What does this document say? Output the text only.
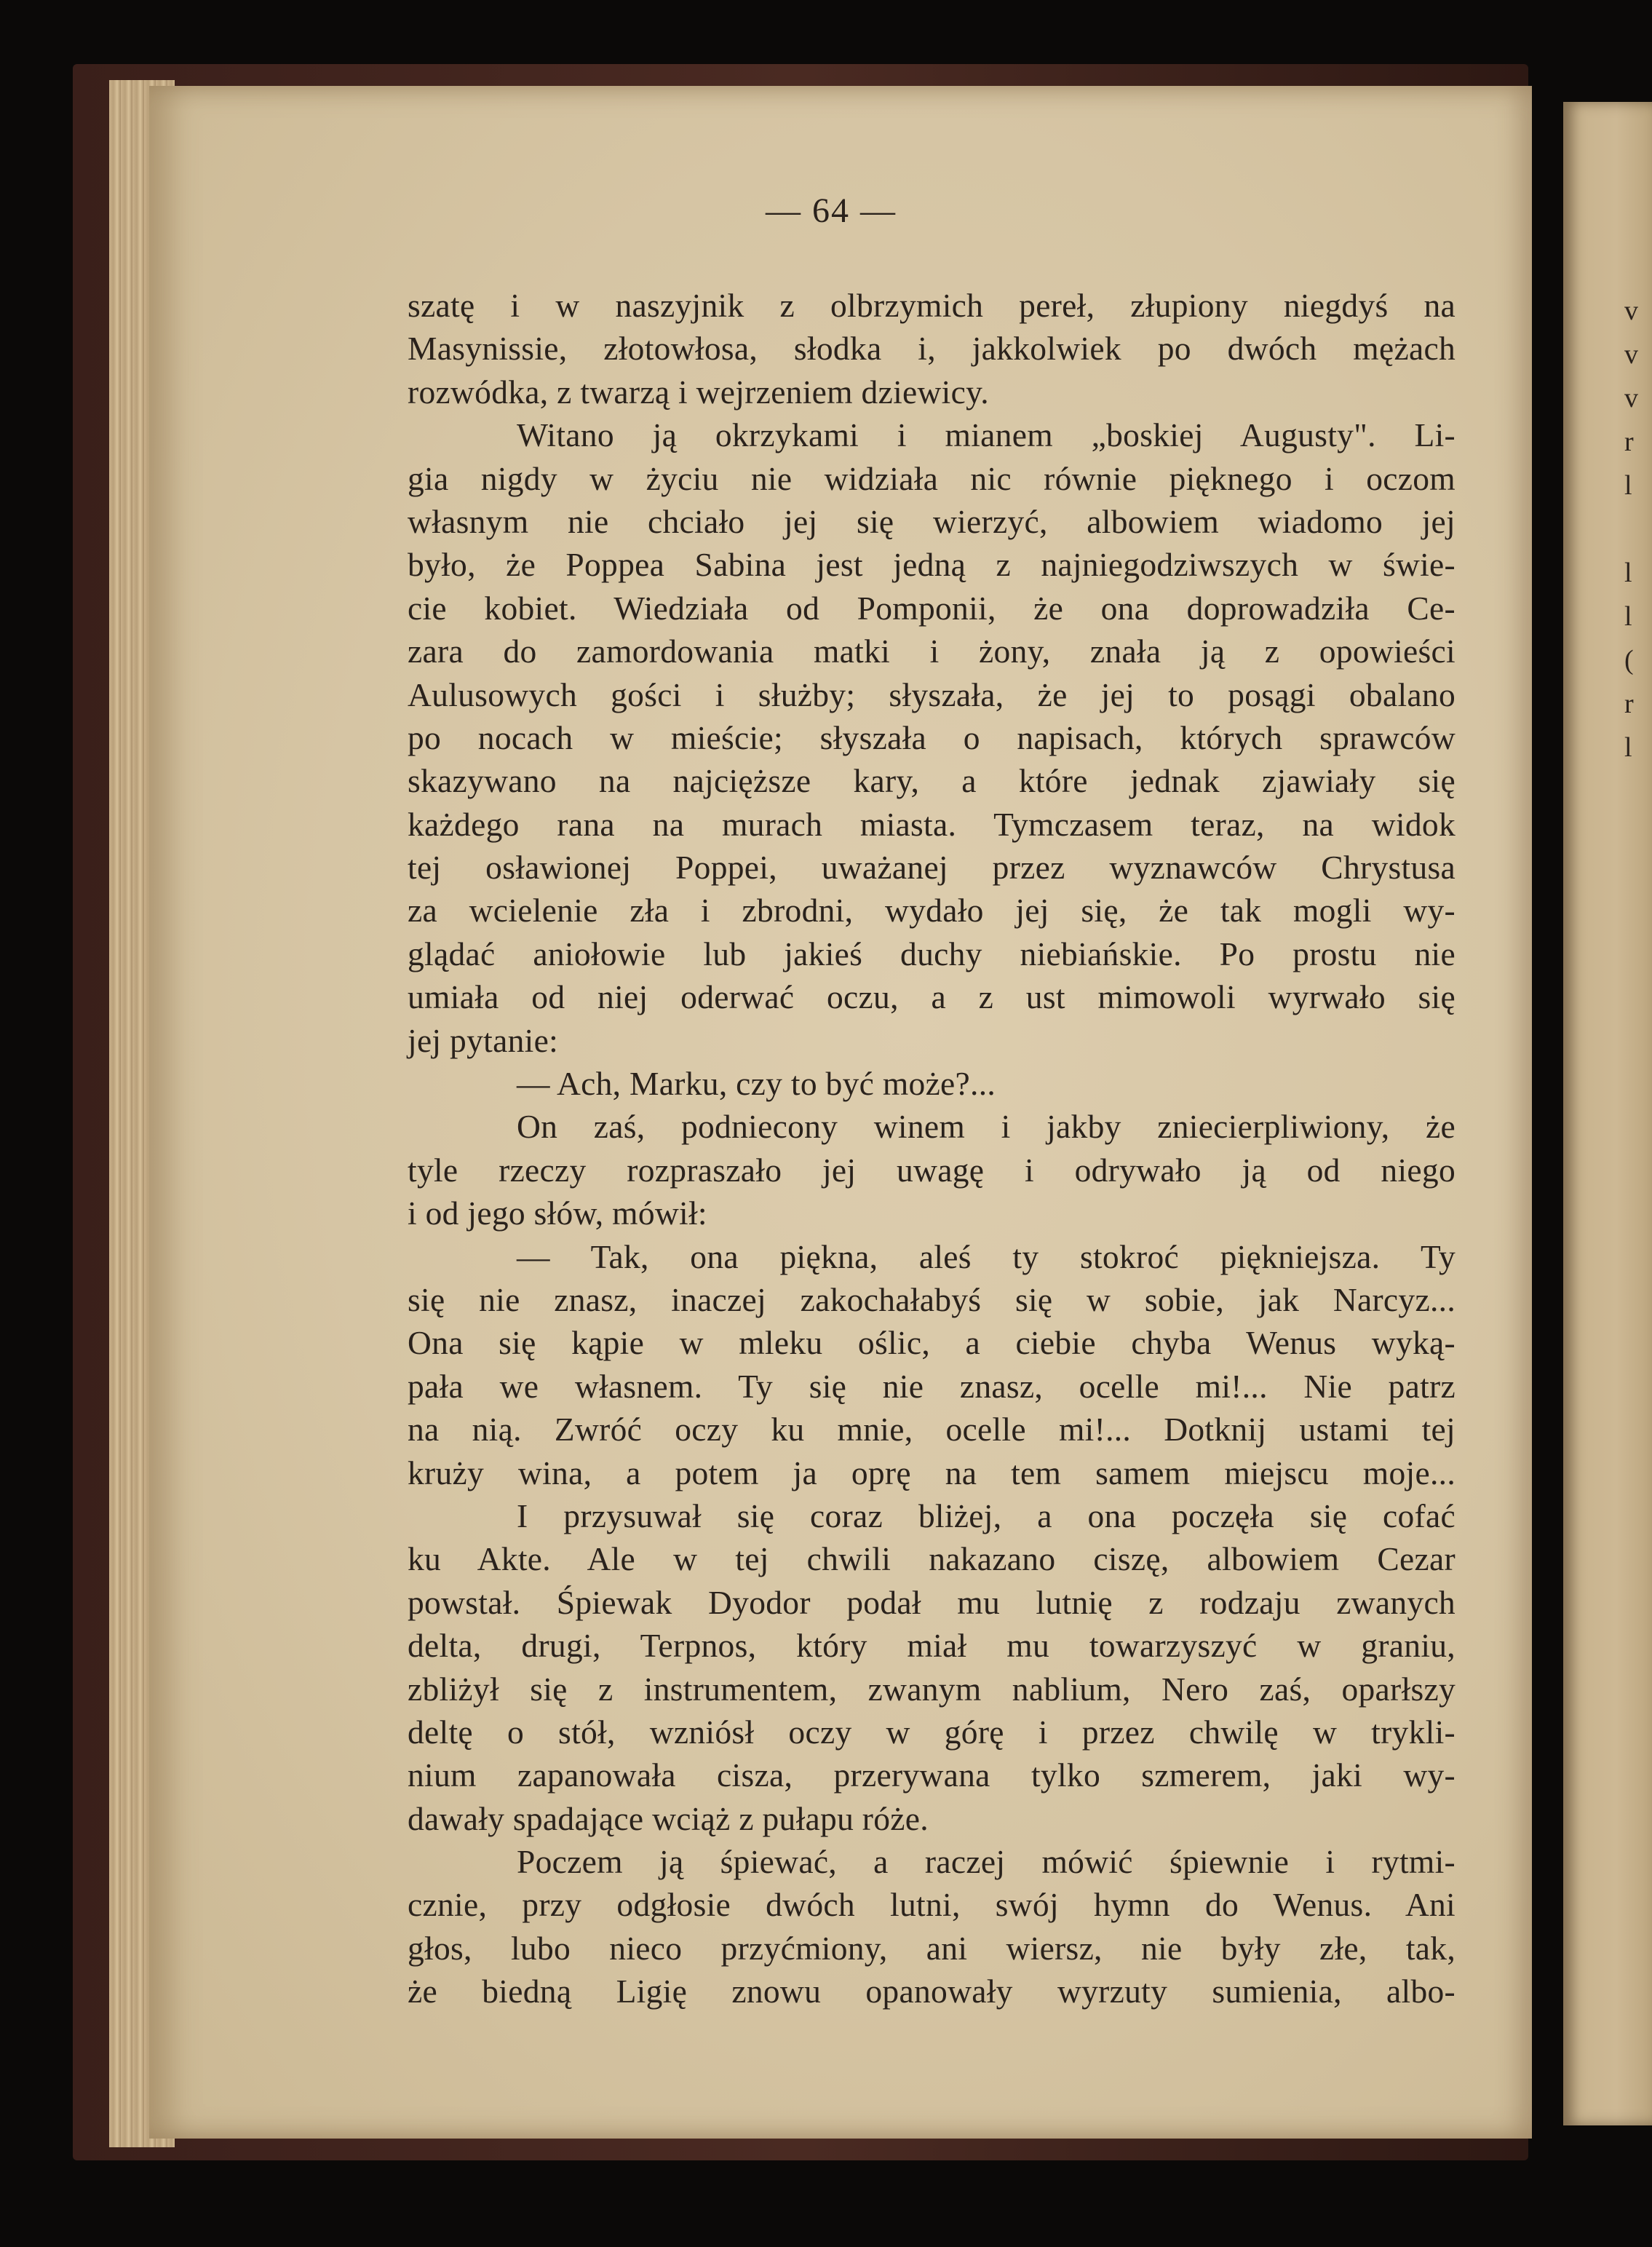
v
v
v
r
l
l
l
(
r
l
— 64 —
szatę i w naszyjnik z olbrzymich pereł, złupiony niegdyś na
Masynissie, złotowłosa, słodka i, jakkolwiek po dwóch mężach
rozwódka, z twarzą i wejrzeniem dziewicy.
Witano ją okrzykami i mianem „boskiej Augusty". Li-
gia nigdy w życiu nie widziała nic równie pięknego i oczom
własnym nie chciało jej się wierzyć, albowiem wiadomo jej
było, że Poppea Sabina jest jedną z najniegodziwszych w świe-
cie kobiet. Wiedziała od Pomponii, że ona doprowadziła Ce-
zara do zamordowania matki i żony, znała ją z opowieści
Aulusowych gości i służby; słyszała, że jej to posągi obalano
po nocach w mieście; słyszała o napisach, których sprawców
skazywano na najcięższe kary, a które jednak zjawiały się
każdego rana na murach miasta. Tymczasem teraz, na widok
tej osławionej Poppei, uważanej przez wyznawców Chrystusa
za wcielenie zła i zbrodni, wydało jej się, że tak mogli wy-
glądać aniołowie lub jakieś duchy niebiańskie. Po prostu nie
umiała od niej oderwać oczu, a z ust mimowoli wyrwało się
jej pytanie:
— Ach, Marku, czy to być może?...
On zaś, podniecony winem i jakby zniecierpliwiony, że
tyle rzeczy rozpraszało jej uwagę i odrywało ją od niego
i od jego słów, mówił:
— Tak, ona piękna, aleś ty stokroć piękniejsza. Ty
się nie znasz, inaczej zakochałabyś się w sobie, jak Narcyz...
Ona się kąpie w mleku oślic, a ciebie chyba Wenus wyką-
pała we własnem. Ty się nie znasz, ocelle mi!... Nie patrz
na nią. Zwróć oczy ku mnie, ocelle mi!... Dotknij ustami tej
kruży wina, a potem ja oprę na tem samem miejscu moje...
I przysuwał się coraz bliżej, a ona poczęła się cofać
ku Akte. Ale w tej chwili nakazano ciszę, albowiem Cezar
powstał. Śpiewak Dyodor podał mu lutnię z rodzaju zwanych
delta, drugi, Terpnos, który miał mu towarzyszyć w graniu,
zbliżył się z instrumentem, zwanym nablium, Nero zaś, oparłszy
deltę o stół, wzniósł oczy w górę i przez chwilę w trykli-
nium zapanowała cisza, przerywana tylko szmerem, jaki wy-
dawały spadające wciąż z pułapu róże.
Poczem ją śpiewać, a raczej mówić śpiewnie i rytmi-
cznie, przy odgłosie dwóch lutni, swój hymn do Wenus. Ani
głos, lubo nieco przyćmiony, ani wiersz, nie były złe, tak,
że biedną Ligię znowu opanowały wyrzuty sumienia, albo-
